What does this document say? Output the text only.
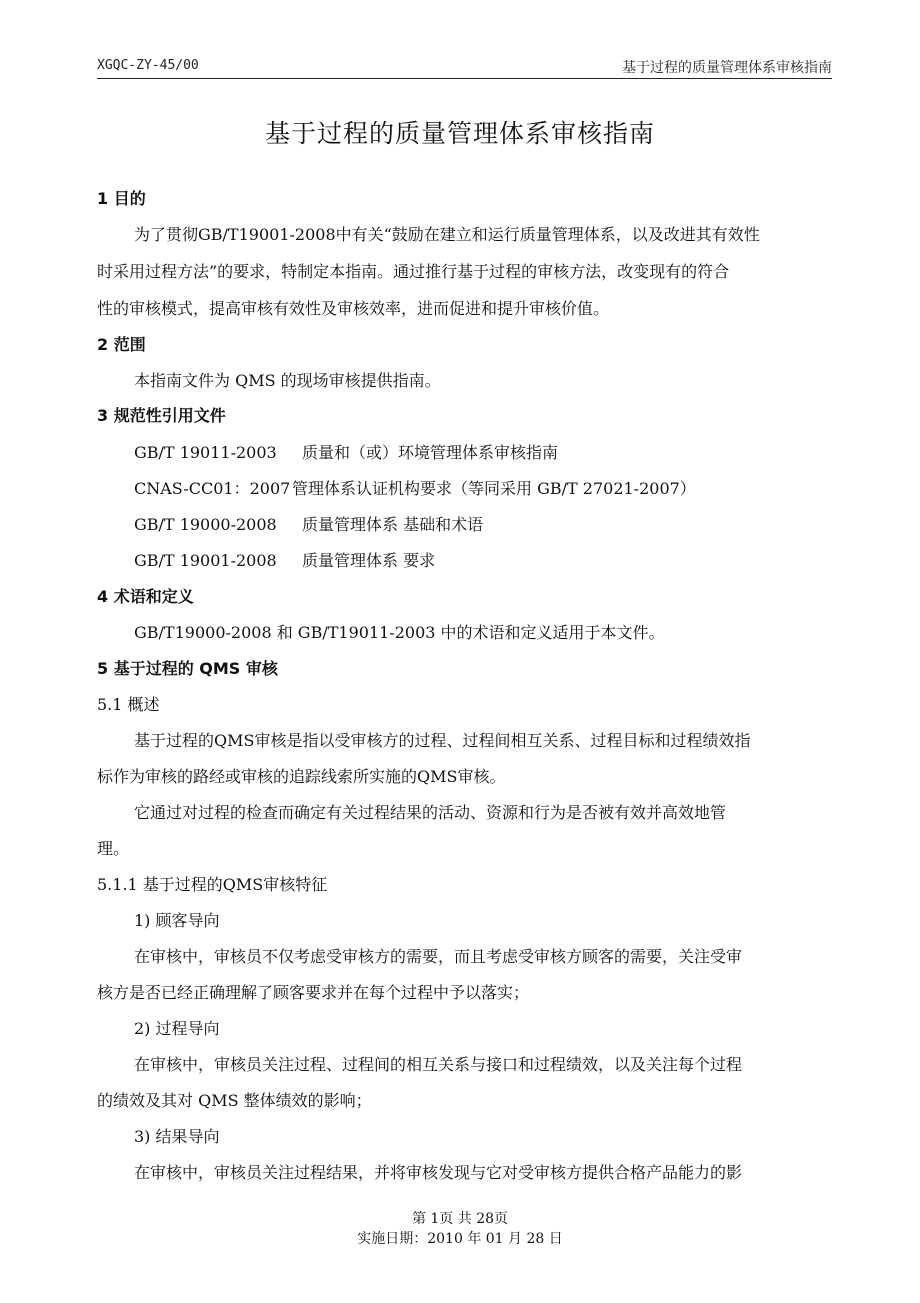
XGQC-ZY-45/00	基于过程的质量管理体系审核指南
基于过程的质量管理体系审核指南
1 目的
为了贯彻GB/T19001-2008中有关“鼓励在建立和运行质量管理体系，以及改进其有效性
时采用过程方法”的要求，特制定本指南。通过推行基于过程的审核方法，改变现有的符合
性的审核模式，提高审核有效性及审核效率，进而促进和提升审核价值。
2 范围
本指南文件为 QMS 的现场审核提供指南。
3 规范性引用文件
GB/T 19011-2003 质量和（或）环境管理体系审核指南
CNAS-CC01：2007 管理体系认证机构要求（等同采用 GB/T 27021-2007）
GB/T 19000-2008 质量管理体系 基础和术语
GB/T 19001-2008 质量管理体系 要求
4 术语和定义
GB/T19000-2008 和 GB/T19011-2003 中的术语和定义适用于本文件。
5 基于过程的 QMS 审核
5.1 概述
基于过程的QMS审核是指以受审核方的过程、过程间相互关系、过程目标和过程绩效指
标作为审核的路经或审核的追踪线索所实施的QMS审核。
它通过对过程的检查而确定有关过程结果的活动、资源和行为是否被有效并高效地管
理。
5.1.1 基于过程的QMS审核特征
1) 顾客导向
在审核中，审核员不仅考虑受审核方的需要，而且考虑受审核方顾客的需要，关注受审
核方是否已经正确理解了顾客要求并在每个过程中予以落实；
2) 过程导向
在审核中，审核员关注过程、过程间的相互关系与接口和过程绩效，以及关注每个过程
的绩效及其对 QMS 整体绩效的影响；
3) 结果导向
在审核中，审核员关注过程结果，并将审核发现与它对受审核方提供合格产品能力的影
第 1页 共 28页
实施日期：2010 年 01 月 28 日
